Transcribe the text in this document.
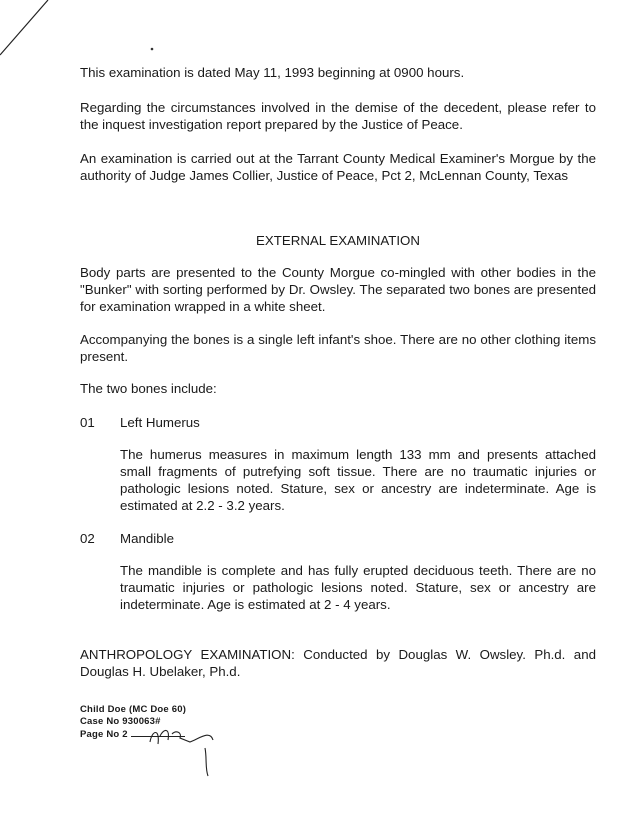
This examination is dated May 11, 1993 beginning at 0900 hours.

Regarding the circumstances involved in the demise of the decedent, please refer to the inquest investigation report prepared by the Justice of Peace.

An examination is carried out at the Tarrant County Medical Examiner's Morgue by the authority of Judge James Collier, Justice of Peace, Pct 2, McLennan County, Texas

EXTERNAL EXAMINATION

Body parts are presented to the County Morgue co-mingled with other bodies in the "Bunker" with sorting performed by Dr. Owsley. The separated two bones are presented for examination wrapped in a white sheet.

Accompanying the bones is a single left infant's shoe. There are no other clothing items present.

The two bones include:

01 Left Humerus

The humerus measures in maximum length 133 mm and presents attached small fragments of putrefying soft tissue. There are no traumatic injuries or pathologic lesions noted. Stature, sex or ancestry are indeterminate. Age is estimated at 2.2 - 3.2 years.

02 Mandible

The mandible is complete and has fully erupted deciduous teeth. There are no traumatic injuries or pathologic lesions noted. Stature, sex or ancestry are indeterminate. Age is estimated at 2 - 4 years.

ANTHROPOLOGY EXAMINATION: Conducted by Douglas W. Owsley. Ph.d. and Douglas H. Ubelaker, Ph.d.

Child Doe (MC Doe 60)
Case No 930063#
Page No 2
